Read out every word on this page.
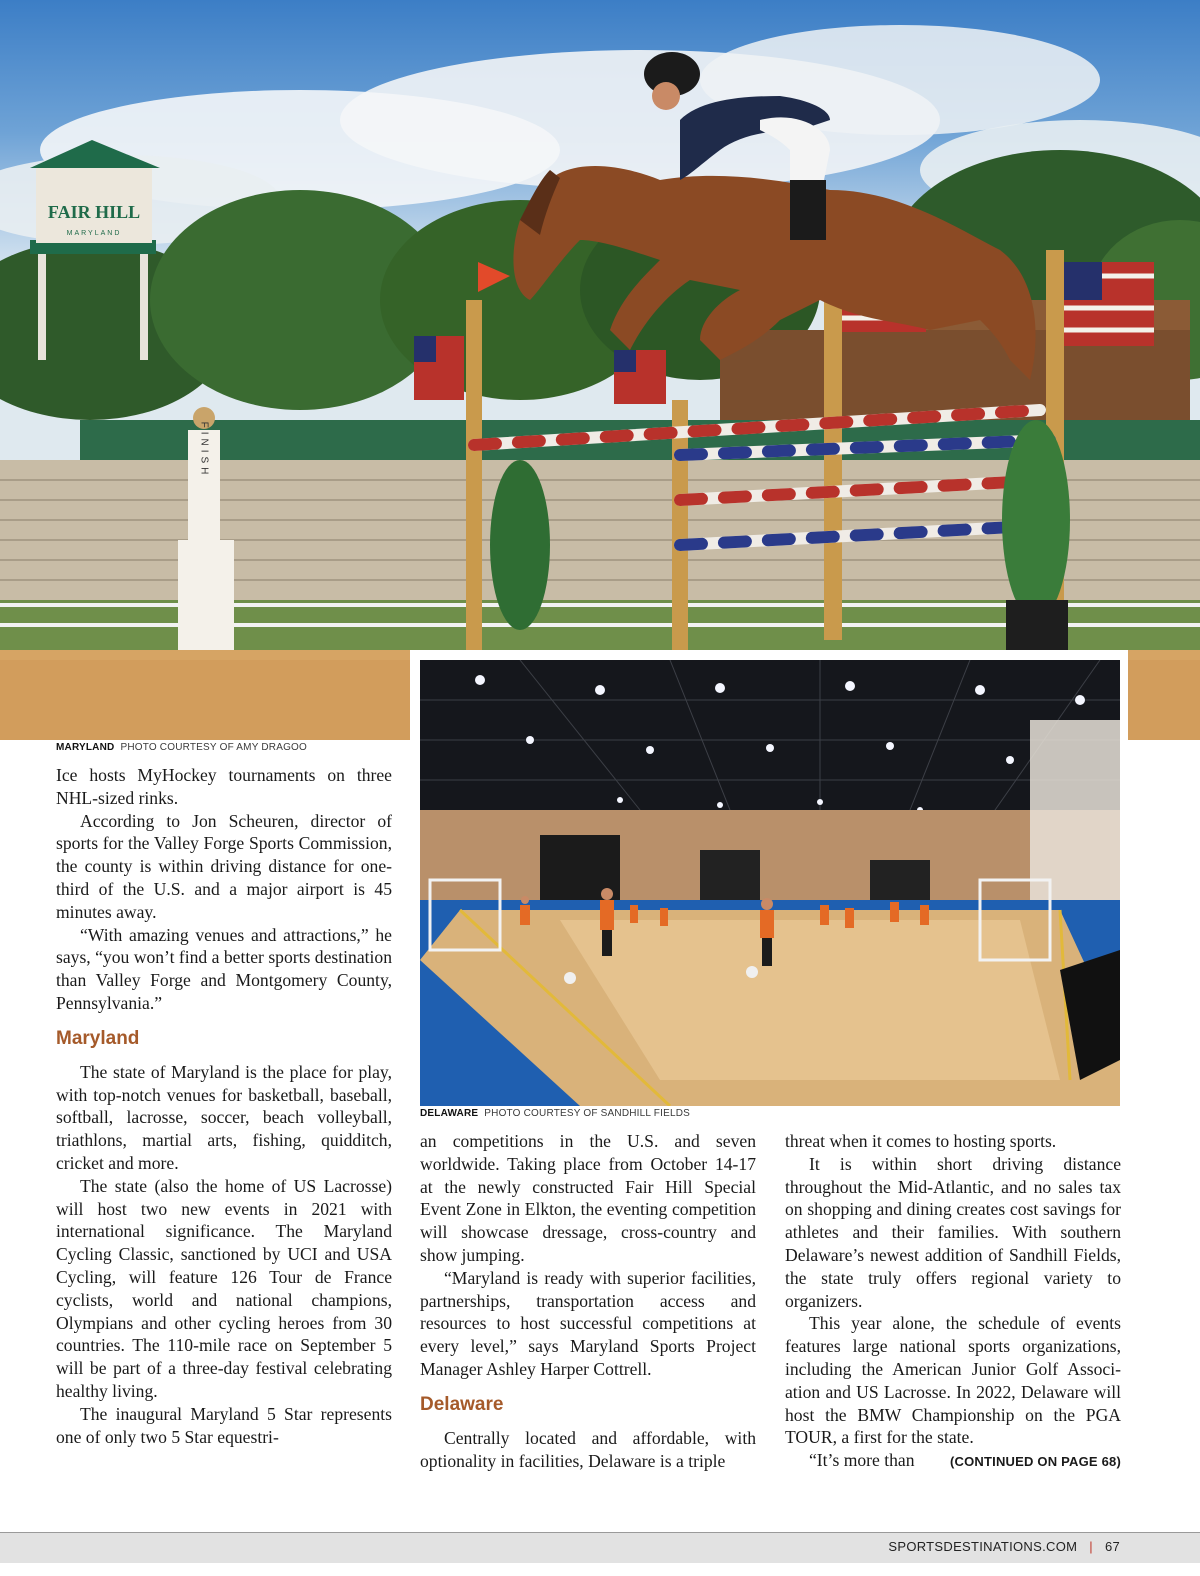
FAIR HILL
MARYLAND
FINISH
MARYLAND PHOTO COURTESY OF AMY DRAGOO
DELAWARE PHOTO COURTESY OF SANDHILL FIELDS

Ice hosts MyHockey tournaments on three NHL-sized rinks.

According to Jon Scheuren, director of sports for the Valley Forge Sports Commission, the county is within driving distance for one-third of the U.S. and a major airport is 45 minutes away.

“With amazing venues and attractions,” he says, “you won’t find a better sports destination than Valley Forge and Montgomery County, Pennsylvania.”

Maryland

The state of Maryland is the place for play, with top-notch venues for basketball, baseball, softball, lacrosse, soccer, beach volleyball, triathlons, martial arts, fishing, quidditch, cricket and more.

The state (also the home of US Lacrosse) will host two new events in 2021 with international significance. The Maryland Cycling Classic, sanctioned by UCI and USA Cycling, will feature 126 Tour de France cyclists, world and national champions, Olympians and other cycling heroes from 30 countries. The 110-mile race on September 5 will be part of a three-day festival celebrating healthy living.

The inaugural Maryland 5 Star represents one of only two 5 Star equestri-

an competitions in the U.S. and seven worldwide. Taking place from October 14-17 at the newly constructed Fair Hill Special Event Zone in Elkton, the eventing competition will showcase dressage, cross-country and show jumping.

“Maryland is ready with superior facilities, partnerships, transportation access and resources to host successful competitions at every level,” says Maryland Sports Project Manager Ashley Harper Cottrell.

Delaware

Centrally located and affordable, with optionality in facilities, Delaware is a triple

threat when it comes to hosting sports.

It is within short driving distance throughout the Mid-Atlantic, and no sales tax on shopping and dining creates cost savings for athletes and their families. With southern Delaware’s newest addition of Sandhill Fields, the state truly offers regional variety to organizers.

This year alone, the schedule of events features large national sports organizations, including the American Junior Golf Association and US Lacrosse. In 2022, Delaware will host the BMW Championship on the PGA TOUR, a first for the state.

“It’s more than	(CONTINUED ON PAGE 68)

SPORTSDESTINATIONS.COM | 67
